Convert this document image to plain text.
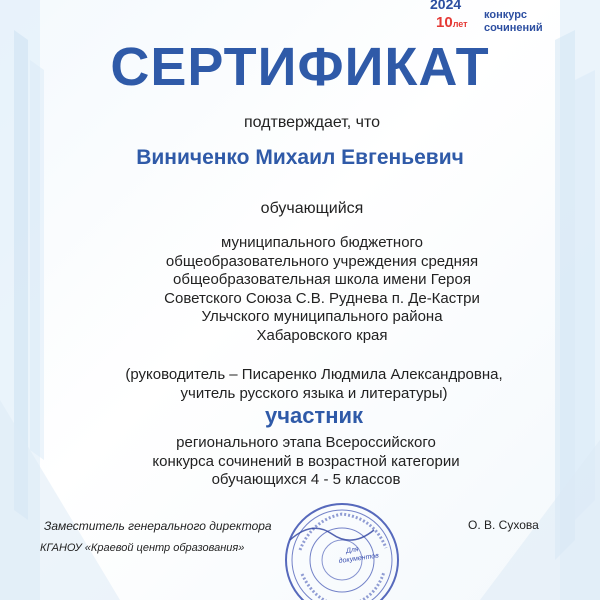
2024
10лет
конкурс
сочинений
СЕРТИФИКАТ
подтверждает, что
Виниченко Михаил Евгеньевич
обучающийся
муниципального бюджетного
общеобразовательного учреждения средняя
общеобразовательная школа имени Героя
Советского Союза С.В. Руднева п. Де-Кастри
Ульчского муниципального района
Хабаровского края
(руководитель – Писаренко Людмила Александровна,
учитель русского языка и литературы)
участник
регионального этапа Всероссийского
конкурса сочинений в возрастной категории
обучающихся 4 - 5 классов
Для документов
Заместитель генерального директора	О. В. Сухова
КГАНОУ «Краевой центр образования»
